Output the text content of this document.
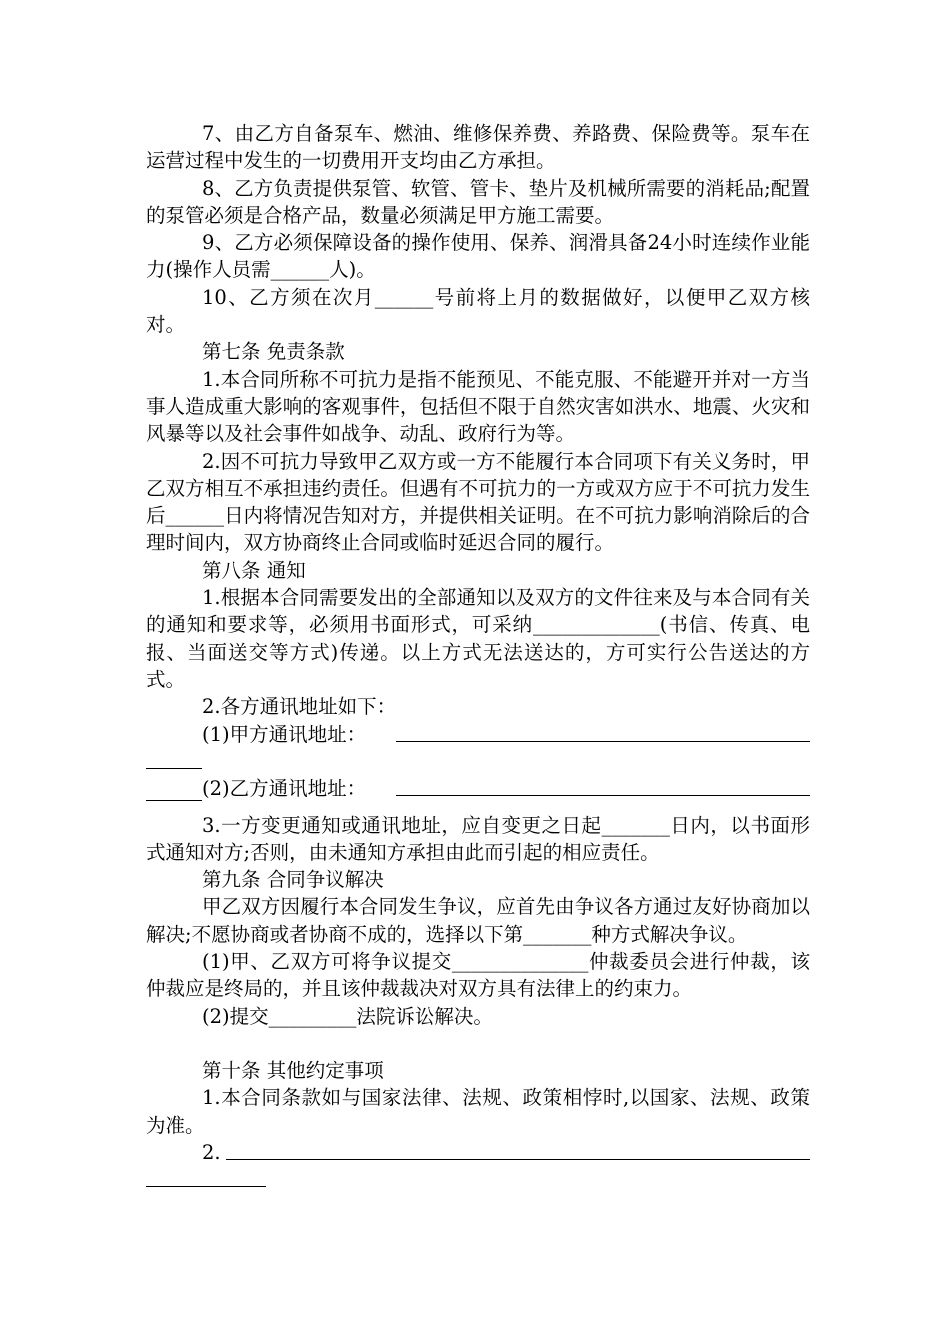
7、由乙方自备泵车、燃油、维修保养费、养路费、保险费等。泵车在运营过程中发生的一切费用开支均由乙方承担。

8、乙方负责提供泵管、软管、管卡、垫片及机械所需要的消耗品;配置的泵管必须是合格产品，数量必须满足甲方施工需要。

9、乙方必须保障设备的操作使用、保养、润滑具备24小时连续作业能力(操作人员需______人)。

10、乙方须在次月______号前将上月的数据做好，以便甲乙双方核对。

第七条 免责条款

1.本合同所称不可抗力是指不能预见、不能克服、不能避开并对一方当事人造成重大影响的客观事件，包括但不限于自然灾害如洪水、地震、火灾和风暴等以及社会事件如战争、动乱、政府行为等。

2.因不可抗力导致甲乙双方或一方不能履行本合同项下有关义务时，甲乙双方相互不承担违约责任。但遇有不可抗力的一方或双方应于不可抗力发生后______日内将情况告知对方，并提供相关证明。在不可抗力影响消除后的合理时间内，双方协商终止合同或临时延迟合同的履行。

第八条 通知

1.根据本合同需要发出的全部通知以及双方的文件往来及与本合同有关的通知和要求等，必须用书面形式，可采纳_____________(书信、传真、电报、当面送交等方式)传递。以上方式无法送达的，方可实行公告送达的方式。

2.各方通讯地址如下：

(1)甲方通讯地址：
(2)乙方通讯地址：

3.一方变更通知或通讯地址，应自变更之日起_______日内，以书面形式通知对方;否则，由未通知方承担由此而引起的相应责任。

第九条 合同争议解决

甲乙双方因履行本合同发生争议，应首先由争议各方通过友好协商加以解决;不愿协商或者协商不成的，选择以下第_______种方式解决争议。

(1)甲、乙双方可将争议提交______________仲裁委员会进行仲裁，该仲裁应是终局的，并且该仲裁裁决对双方具有法律上的约束力。

(2)提交_________法院诉讼解决。

第十条 其他约定事项

1.本合同条款如与国家法律、法规、政策相悖时,以国家、法规、政策为准。

2.
